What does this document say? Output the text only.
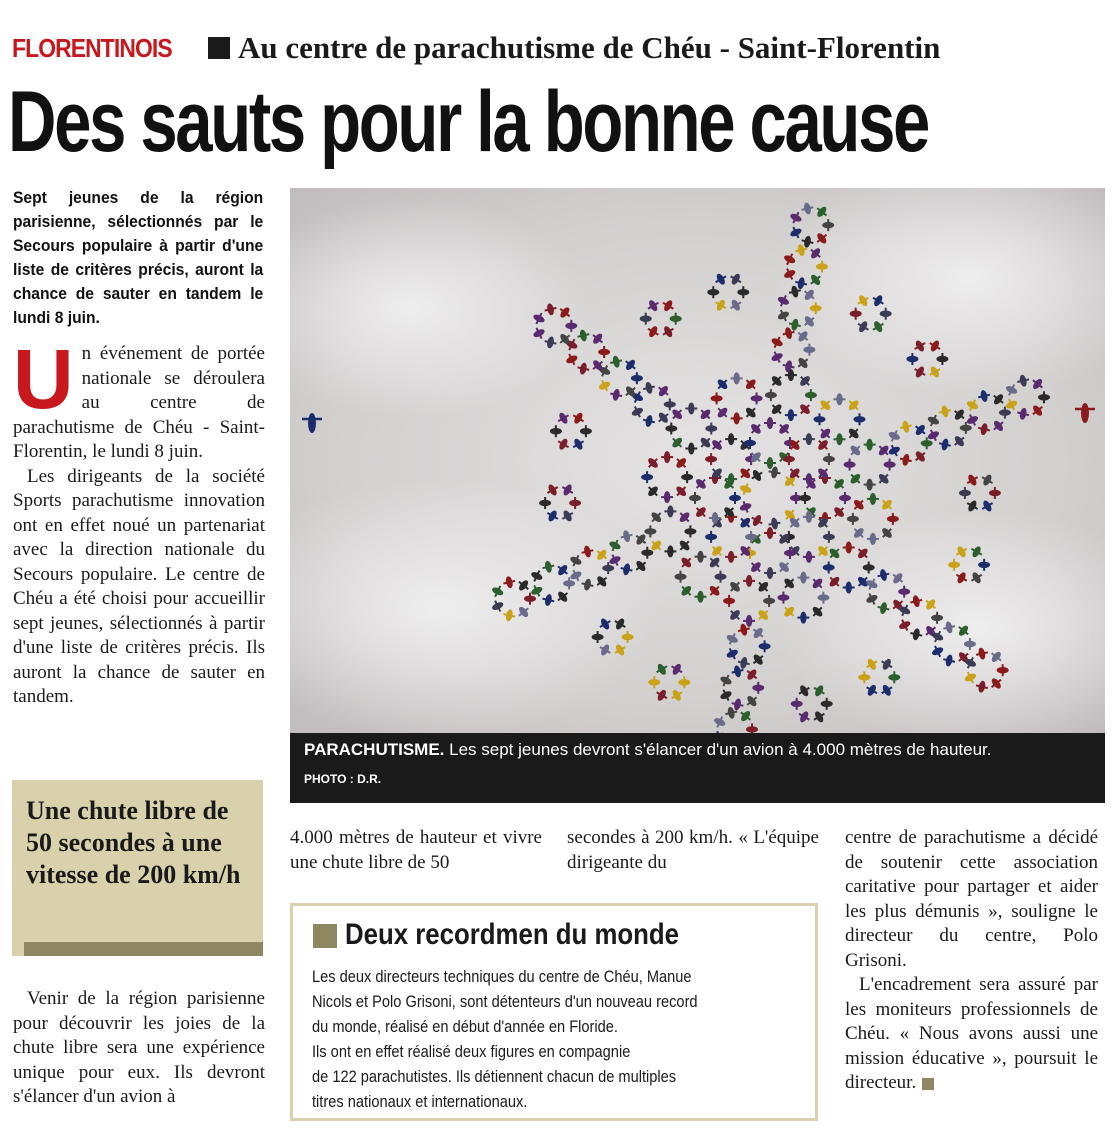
FLORENTINOIS Au centre de parachutisme de Chéu - Saint-Florentin
Des sauts pour la bonne cause
Sept jeunes de la région parisienne, sélectionnés par le Secours populaire à partir d'une liste de critères précis, auront la chance de sauter en tandem le lundi 8 juin.
U n événement de portée nationale se déroulera au centre de parachutisme de Chéu - Saint-Florentin, le lundi 8 juin.

Les dirigeants de la société Sports parachutisme innovation ont en effet noué un partenariat avec la direction nationale du Secours populaire. Le centre de Chéu a été choisi pour accueillir sept jeunes, sélectionnés à partir d'une liste de critères précis. Ils auront la chance de sauter en tandem.

Une chute libre de 50 secondes à une vitesse de 200 km/h

Venir de la région parisienne pour découvrir les joies de la chute libre sera une expérience unique pour eux. Ils devront s'élancer d'un avion à

PARACHUTISME. Les sept jeunes devront s'élancer d'un avion à 4.000 mètres de hauteur.
PHOTO : D.R.
4.000 mètres de hauteur et vivre une chute libre de 50
secondes à 200 km/h. « L'équipe dirigeante du

centre de parachutisme a décidé de soutenir cette association caritative pour partager et aider les plus démunis », souligne le directeur du centre, Polo Grisoni.

L'encadrement sera assuré par les moniteurs professionnels de Chéu. « Nous avons aussi une mission éducative », poursuit le directeur.

Deux recordmen du monde
Les deux directeurs techniques du centre de Chéu, Manue
Nicols et Polo Grisoni, sont détenteurs d'un nouveau record
du monde, réalisé en début d'année en Floride.
Ils ont en effet réalisé deux figures en compagnie
de 122 parachutistes. Ils détiennent chacun de multiples
titres nationaux et internationaux.
